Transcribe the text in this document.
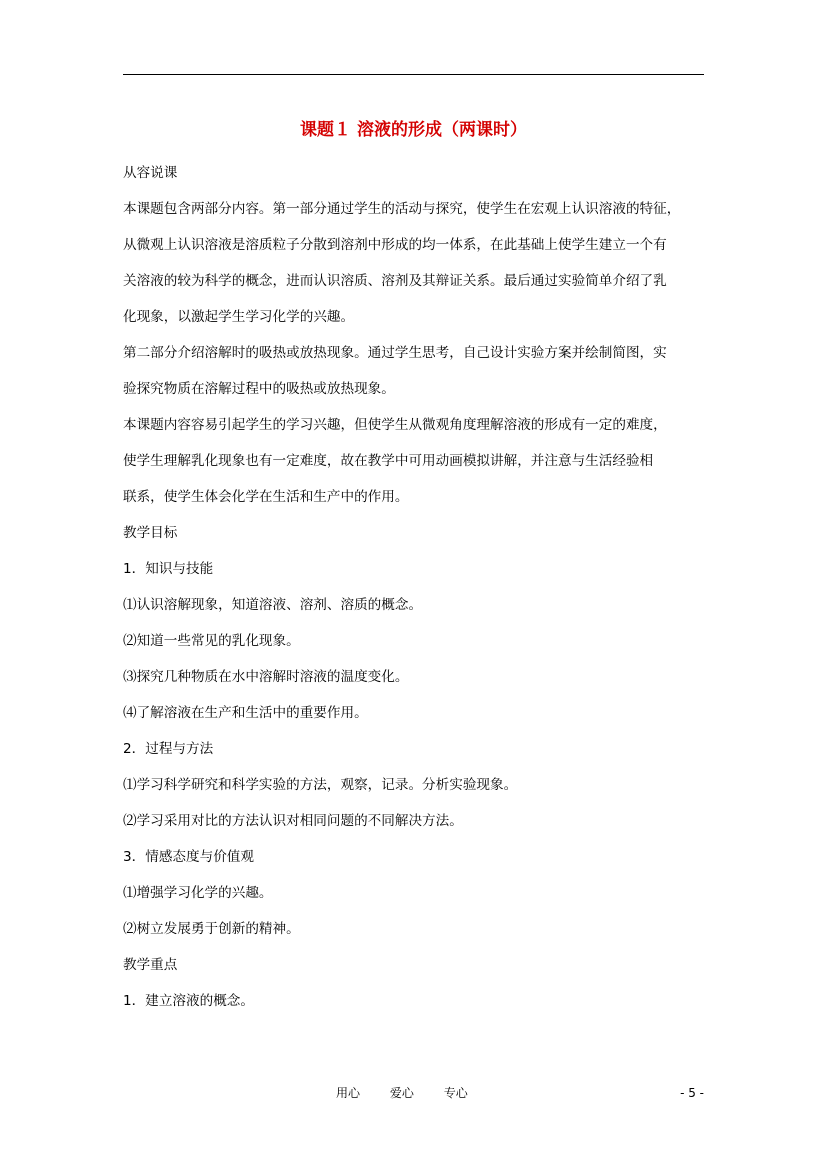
课题１ 溶液的形成（两课时）
从容说课
本课题包含两部分内容。第一部分通过学生的活动与探究，使学生在宏观上认识溶液的特征，
从微观上认识溶液是溶质粒子分散到溶剂中形成的均一体系，在此基础上使学生建立一个有
关溶液的较为科学的概念，进而认识溶质、溶剂及其辩证关系。最后通过实验简单介绍了乳
化现象，以激起学生学习化学的兴趣。
第二部分介绍溶解时的吸热或放热现象。通过学生思考，自己设计实验方案并绘制简图，实
验探究物质在溶解过程中的吸热或放热现象。
本课题内容容易引起学生的学习兴趣，但使学生从微观角度理解溶液的形成有一定的难度，
使学生理解乳化现象也有一定难度，故在教学中可用动画模拟讲解，并注意与生活经验相
联系，使学生体会化学在生活和生产中的作用。
教学目标
1．知识与技能
⑴认识溶解现象，知道溶液、溶剂、溶质的概念。
⑵知道一些常见的乳化现象。
⑶探究几种物质在水中溶解时溶液的温度变化。
⑷了解溶液在生产和生活中的重要作用。
2．过程与方法
⑴学习科学研究和科学实验的方法，观察，记录。分析实验现象。
⑵学习采用对比的方法认识对相同问题的不同解决方法。
3．情感态度与价值观
⑴增强学习化学的兴趣。
⑵树立发展勇于创新的精神。
教学重点
1．建立溶液的概念。
用心 爱心 专心	- 5 -
